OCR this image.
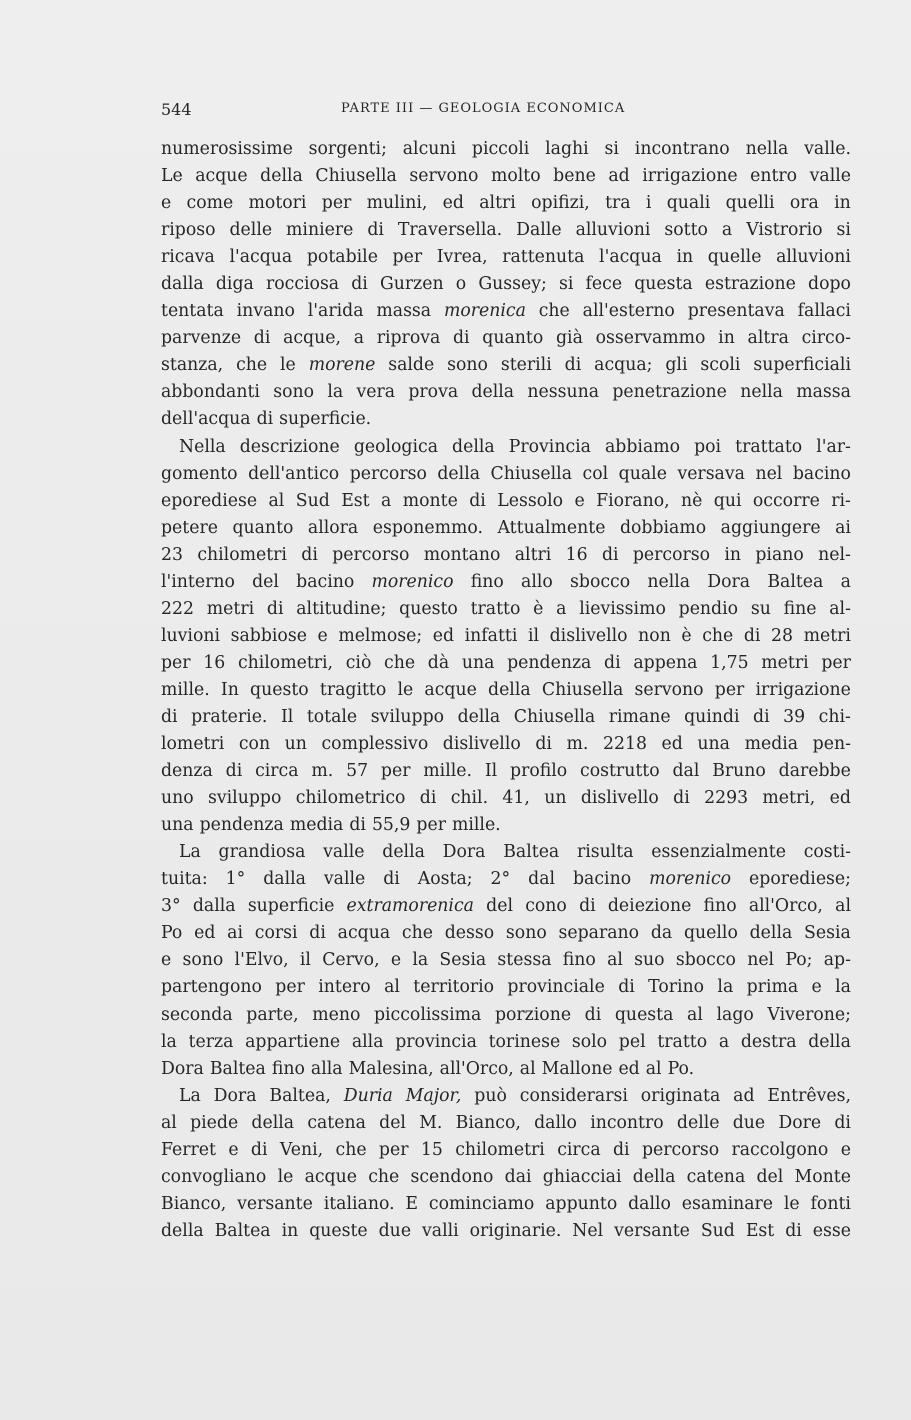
544	PARTE III — GEOLOGIA ECONOMICA
numerosissime sorgenti; alcuni piccoli laghi si incontrano nella valle.
Le acque della Chiusella servono molto bene ad irrigazione entro valle
e come motori per mulini, ed altri opifizi, tra i quali quelli ora in
riposo delle miniere di Traversella. Dalle alluvioni sotto a Vistrorio si
ricava l'acqua potabile per Ivrea, rattenuta l'acqua in quelle alluvioni
dalla diga rocciosa di Gurzen o Gussey; si fece questa estrazione dopo
tentata invano l'arida massa morenica che all'esterno presentava fallaci
parvenze di acque, a riprova di quanto già osservammo in altra circo-
stanza, che le morene salde sono sterili di acqua; gli scoli superficiali
abbondanti sono la vera prova della nessuna penetrazione nella massa
dell'acqua di superficie.
Nella descrizione geologica della Provincia abbiamo poi trattato l'ar-
gomento dell'antico percorso della Chiusella col quale versava nel bacino
eporediese al Sud Est a monte di Lessolo e Fiorano, nè qui occorre ri-
petere quanto allora esponemmo. Attualmente dobbiamo aggiungere ai
23 chilometri di percorso montano altri 16 di percorso in piano nel-
l'interno del bacino morenico fino allo sbocco nella Dora Baltea a
222 metri di altitudine; questo tratto è a lievissimo pendio su fine al-
luvioni sabbiose e melmose; ed infatti il dislivello non è che di 28 metri
per 16 chilometri, ciò che dà una pendenza di appena 1,75 metri per
mille. In questo tragitto le acque della Chiusella servono per irrigazione
di praterie. Il totale sviluppo della Chiusella rimane quindi di 39 chi-
lometri con un complessivo dislivello di m. 2218 ed una media pen-
denza di circa m. 57 per mille. Il profilo costrutto dal Bruno darebbe
uno sviluppo chilometrico di chil. 41, un dislivello di 2293 metri, ed
una pendenza media di 55,9 per mille.
La grandiosa valle della Dora Baltea risulta essenzialmente costi-
tuita: 1° dalla valle di Aosta; 2° dal bacino morenico eporediese;
3° dalla superficie extramorenica del cono di deiezione fino all'Orco, al
Po ed ai corsi di acqua che desso sono separano da quello della Sesia
e sono l'Elvo, il Cervo, e la Sesia stessa fino al suo sbocco nel Po; ap-
partengono per intero al territorio provinciale di Torino la prima e la
seconda parte, meno piccolissima porzione di questa al lago Viverone;
la terza appartiene alla provincia torinese solo pel tratto a destra della
Dora Baltea fino alla Malesina, all'Orco, al Mallone ed al Po.
La Dora Baltea, Duria Major, può considerarsi originata ad Entrêves,
al piede della catena del M. Bianco, dallo incontro delle due Dore di
Ferret e di Veni, che per 15 chilometri circa di percorso raccolgono e
convogliano le acque che scendono dai ghiacciai della catena del Monte
Bianco, versante italiano. E cominciamo appunto dallo esaminare le fonti
della Baltea in queste due valli originarie. Nel versante Sud Est di esse
